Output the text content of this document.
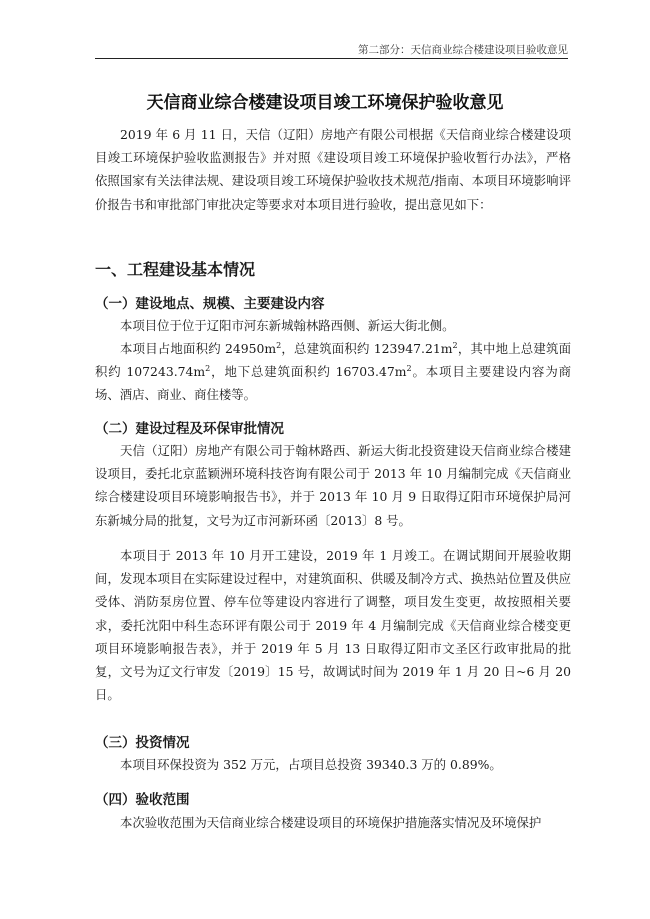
第二部分：天信商业综合楼建设项目验收意见
天信商业综合楼建设项目竣工环境保护验收意见
2019 年 6 月 11 日，天信（辽阳）房地产有限公司根据《天信商业综合楼建设项目竣工环境保护验收监测报告》并对照《建设项目竣工环境保护验收暂行办法》，严格依照国家有关法律法规、建设项目竣工环境保护验收技术规范/指南、本项目环境影响评价报告书和审批部门审批决定等要求对本项目进行验收，提出意见如下：
一、工程建设基本情况
（一）建设地点、规模、主要建设内容
本项目位于位于辽阳市河东新城翰林路西侧、新运大街北侧。
本项目占地面积约 $24950m^2$，总建筑面积约 $123947.21m^2$，其中地上总建筑面积约 $107243.74m^2$，地下总建筑面积约 $16703.47m^2$。本项目主要建设内容为商场、酒店、商业、商住楼等。
（二）建设过程及环保审批情况
天信（辽阳）房地产有限公司于翰林路西、新运大街北投资建设天信商业综合楼建设项目，委托北京蓝颖洲环境科技咨询有限公司于 2013 年 10 月编制完成《天信商业综合楼建设项目环境影响报告书》，并于 2013 年 10 月 9 日取得辽阳市环境保护局河东新城分局的批复，文号为辽市河新环函〔2013〕8 号。
本项目于 2013 年 10 月开工建设，2019 年 1 月竣工。在调试期间开展验收期间，发现本项目在实际建设过程中，对建筑面积、供暖及制冷方式、换热站位置及供应受体、消防泵房位置、停车位等建设内容进行了调整，项目发生变更，故按照相关要求，委托沈阳中科生态环评有限公司于 2019 年 4 月编制完成《天信商业综合楼变更项目环境影响报告表》，并于 2019 年 5 月 13 日取得辽阳市文圣区行政审批局的批复，文号为辽文行审发〔2019〕15 号，故调试时间为 2019 年 1 月 20 日~6 月 20 日。
（三）投资情况
本项目环保投资为 352 万元，占项目总投资 39340.3 万的 0.89%。
（四）验收范围
本次验收范围为天信商业综合楼建设项目的环境保护措施落实情况及环境保护
